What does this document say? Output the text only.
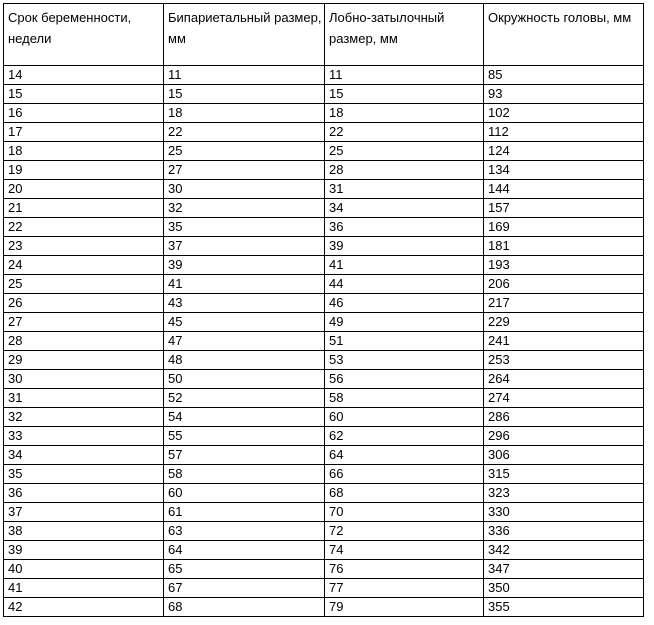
Срок беременности, недели	Бипариетальный размер, мм	Лобно-затылочный размер, мм	Окружность головы, мм
14	11	11	85
15	15	15	93
16	18	18	102
17	22	22	112
18	25	25	124
19	27	28	134
20	30	31	144
21	32	34	157
22	35	36	169
23	37	39	181
24	39	41	193
25	41	44	206
26	43	46	217
27	45	49	229
28	47	51	241
29	48	53	253
30	50	56	264
31	52	58	274
32	54	60	286
33	55	62	296
34	57	64	306
35	58	66	315
36	60	68	323
37	61	70	330
38	63	72	336
39	64	74	342
40	65	76	347
41	67	77	350
42	68	79	355
